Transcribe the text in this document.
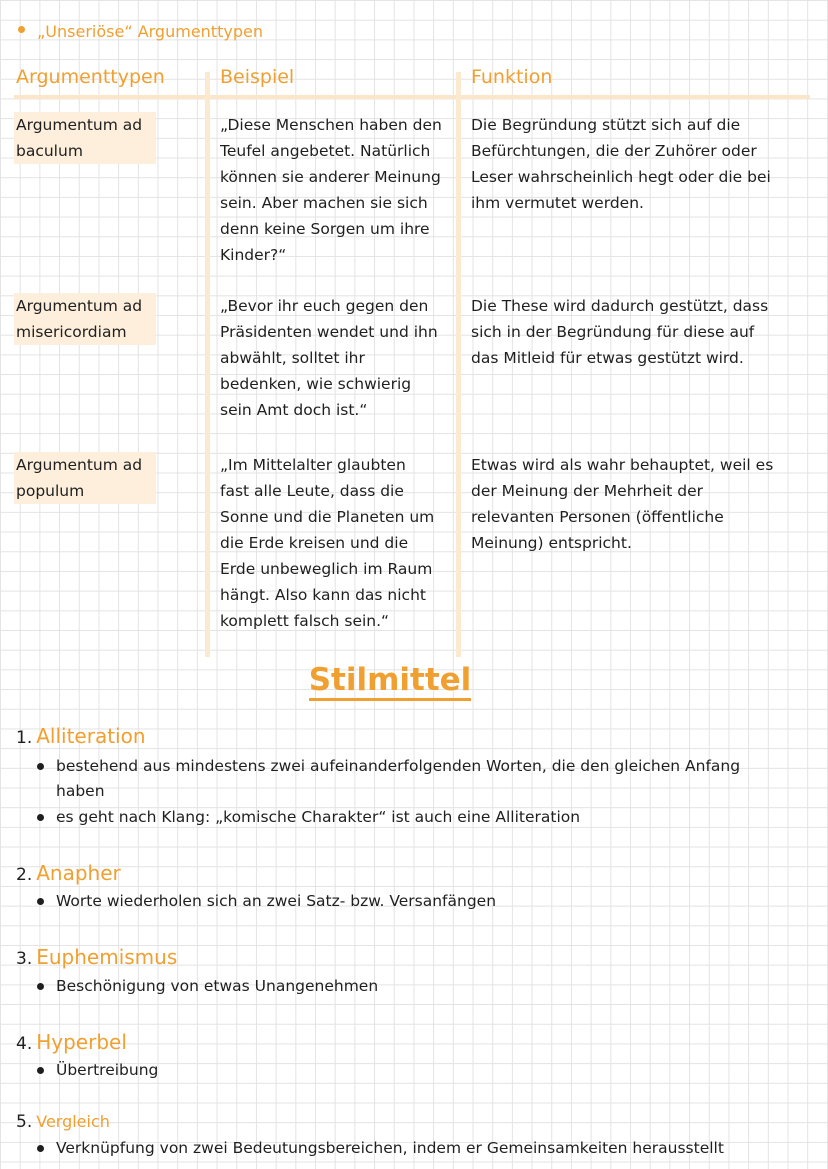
„Unseriöse“ Argumenttypen
Argumenttypen	Beispiel	Funktion
Argumentum ad
baculum
„Diese Menschen haben den
Teufel angebetet. Natürlich
können sie anderer Meinung
sein. Aber machen sie sich
denn keine Sorgen um ihre
Kinder?“
Die Begründung stützt sich auf die
Befürchtungen, die der Zuhörer oder
Leser wahrscheinlich hegt oder die bei
ihm vermutet werden.
Argumentum ad
misericordiam
„Bevor ihr euch gegen den
Präsidenten wendet und ihn
abwählt, solltet ihr
bedenken, wie schwierig
sein Amt doch ist.“
Die These wird dadurch gestützt, dass
sich in der Begründung für diese auf
das Mitleid für etwas gestützt wird.
Argumentum ad
populum
„Im Mittelalter glaubten
fast alle Leute, dass die
Sonne und die Planeten um
die Erde kreisen und die
Erde unbeweglich im Raum
hängt. Also kann das nicht
komplett falsch sein.“
Etwas wird als wahr behauptet, weil es
der Meinung der Mehrheit der
relevanten Personen (öffentliche
Meinung) entspricht.
Stilmittel
1. Alliteration
bestehend aus mindestens zwei aufeinanderfolgenden Worten, die den gleichen Anfang
haben
es geht nach Klang: „komische Charakter“ ist auch eine Alliteration
2. Anapher
Worte wiederholen sich an zwei Satz- bzw. Versanfängen
3. Euphemismus
Beschönigung von etwas Unangenehmen
4. Hyperbel
Übertreibung
5. Vergleich
Verknüpfung von zwei Bedeutungsbereichen, indem er Gemeinsamkeiten herausstellt
